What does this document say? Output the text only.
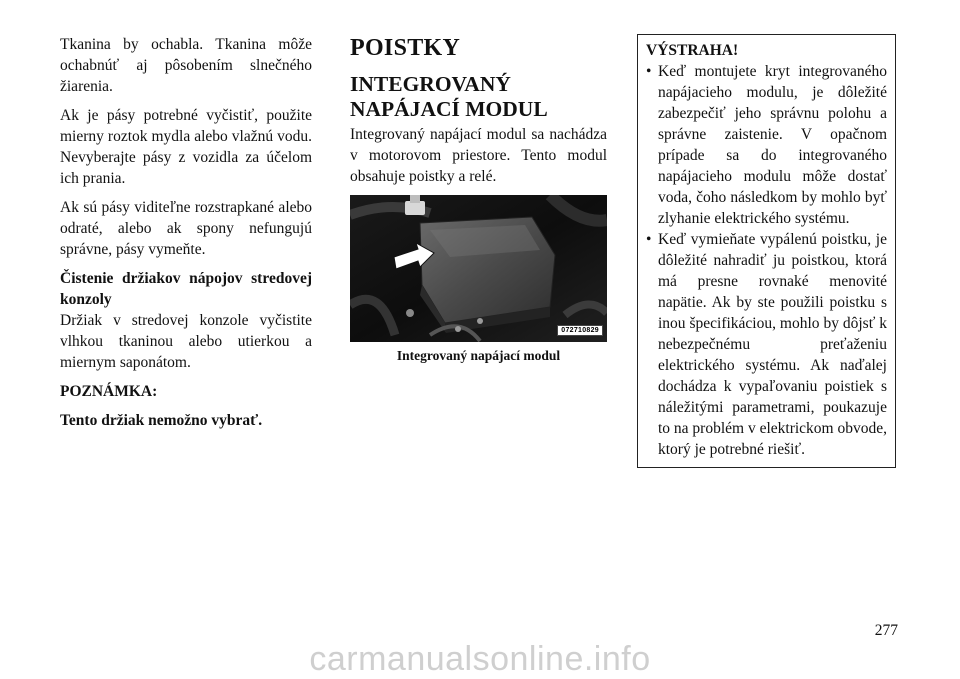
Tkanina by ochabla. Tkanina môže ochabnúť aj pôsobením slnečného žiarenia.

Ak je pásy potrebné vyčistiť, použite mierny roztok mydla alebo vlažnú vodu. Nevyberajte pásy z vozidla za účelom ich prania.

Ak sú pásy viditeľne rozstrapkané alebo odraté, alebo ak spony nefungujú správne, pásy vymeňte.

Čistenie držiakov nápojov stredovej konzoly

Držiak v stredovej konzole vyčistite vlhkou tkaninou alebo utierkou a miernym saponátom.

POZNÁMKA:

Tento držiak nemožno vybrať.

POISTKY
INTEGROVANÝ NAPÁJACÍ MODUL

Integrovaný napájací modul sa nachádza v motorovom priestore. Tento modul obsahuje poistky a relé.

072710829
Integrovaný napájací modul

VÝSTRAHA!

• Keď montujete kryt integrovaného napájacieho modulu, je dôležité zabezpečiť jeho správnu polohu a správne zaistenie. V opačnom prípade sa do integrovaného napájacieho modulu môže dostať voda, čoho následkom by mohlo byť zlyhanie elektrického systému.
• Keď vymieňate vypálenú poistku, je dôležité nahradiť ju poistkou, ktorá má presne rovnaké menovité napätie. Ak by ste použili poistku s inou špecifikáciou, mohlo by dôjsť k nebezpečnému preťaženiu elektrického systému. Ak naďalej dochádza k vypaľovaniu poistiek s náležitými parametrami, poukazuje to na problém v elektrickom obvode, ktorý je potrebné riešiť.
277
carmanualsonline.info
